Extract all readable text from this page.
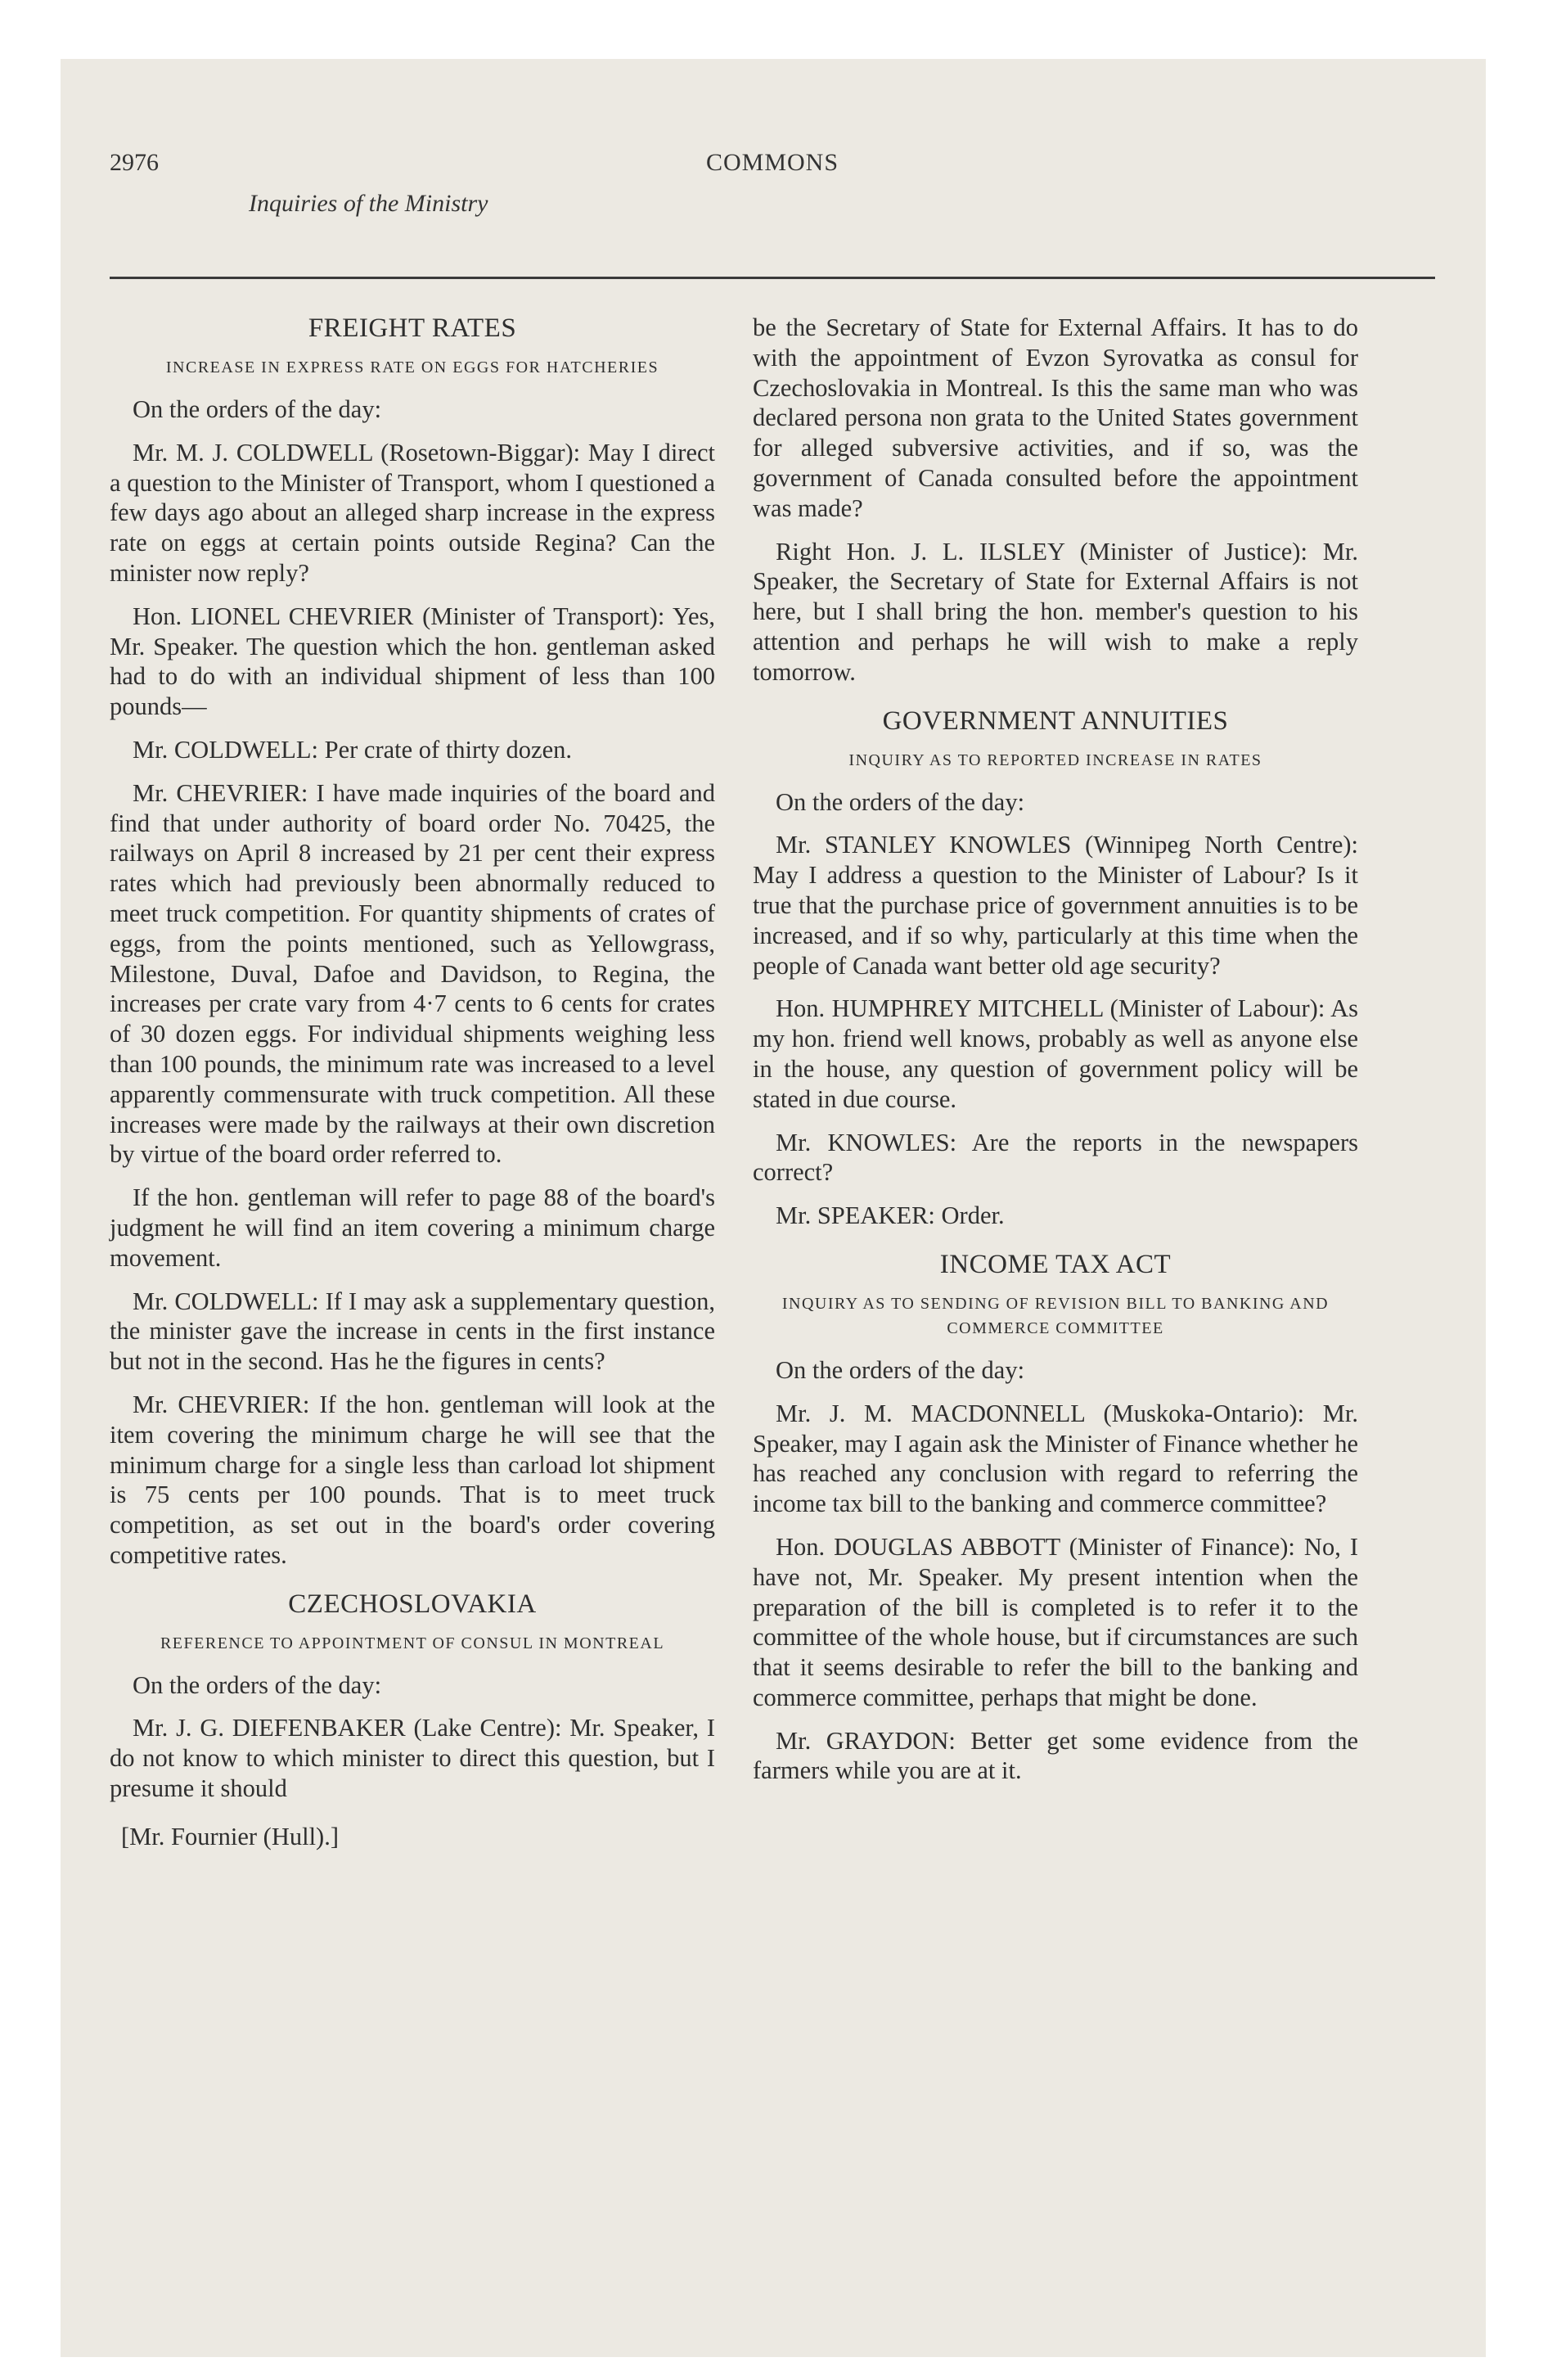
2976	COMMONS
Inquiries of the Ministry
FREIGHT RATES
INCREASE IN EXPRESS RATE ON EGGS FOR HATCHERIES

On the orders of the day:

Mr. M. J. COLDWELL (Rosetown-Biggar): May I direct a question to the Minister of Transport, whom I questioned a few days ago about an alleged sharp increase in the express rate on eggs at certain points outside Regina? Can the minister now reply?

Hon. LIONEL CHEVRIER (Minister of Transport): Yes, Mr. Speaker. The question which the hon. gentleman asked had to do with an individual shipment of less than 100 pounds—

Mr. COLDWELL: Per crate of thirty dozen.

Mr. CHEVRIER: I have made inquiries of the board and find that under authority of board order No. 70425, the railways on April 8 increased by 21 per cent their express rates which had previously been abnormally reduced to meet truck competition. For quantity shipments of crates of eggs, from the points mentioned, such as Yellowgrass, Milestone, Duval, Dafoe and Davidson, to Regina, the increases per crate vary from 4·7 cents to 6 cents for crates of 30 dozen eggs. For individual shipments weighing less than 100 pounds, the minimum rate was increased to a level apparently commensurate with truck competition. All these increases were made by the railways at their own discretion by virtue of the board order referred to.

If the hon. gentleman will refer to page 88 of the board's judgment he will find an item covering a minimum charge movement.

Mr. COLDWELL: If I may ask a supplementary question, the minister gave the increase in cents in the first instance but not in the second. Has he the figures in cents?

Mr. CHEVRIER: If the hon. gentleman will look at the item covering the minimum charge he will see that the minimum charge for a single less than carload lot shipment is 75 cents per 100 pounds. That is to meet truck competition, as set out in the board's order covering competitive rates.

CZECHOSLOVAKIA
REFERENCE TO APPOINTMENT OF CONSUL IN MONTREAL

On the orders of the day:

Mr. J. G. DIEFENBAKER (Lake Centre): Mr. Speaker, I do not know to which minister to direct this question, but I presume it should

[Mr. Fournier (Hull).]

be the Secretary of State for External Affairs. It has to do with the appointment of Evzon Syrovatka as consul for Czechoslovakia in Montreal. Is this the same man who was declared persona non grata to the United States government for alleged subversive activities, and if so, was the government of Canada consulted before the appointment was made?

Right Hon. J. L. ILSLEY (Minister of Justice): Mr. Speaker, the Secretary of State for External Affairs is not here, but I shall bring the hon. member's question to his attention and perhaps he will wish to make a reply tomorrow.

GOVERNMENT ANNUITIES
INQUIRY AS TO REPORTED INCREASE IN RATES

On the orders of the day:

Mr. STANLEY KNOWLES (Winnipeg North Centre): May I address a question to the Minister of Labour? Is it true that the purchase price of government annuities is to be increased, and if so why, particularly at this time when the people of Canada want better old age security?

Hon. HUMPHREY MITCHELL (Minister of Labour): As my hon. friend well knows, probably as well as anyone else in the house, any question of government policy will be stated in due course.

Mr. KNOWLES: Are the reports in the newspapers correct?

Mr. SPEAKER: Order.

INCOME TAX ACT
INQUIRY AS TO SENDING OF REVISION BILL TO BANKING AND COMMERCE COMMITTEE

On the orders of the day:

Mr. J. M. MACDONNELL (Muskoka-Ontario): Mr. Speaker, may I again ask the Minister of Finance whether he has reached any conclusion with regard to referring the income tax bill to the banking and commerce committee?

Hon. DOUGLAS ABBOTT (Minister of Finance): No, I have not, Mr. Speaker. My present intention when the preparation of the bill is completed is to refer it to the committee of the whole house, but if circumstances are such that it seems desirable to refer the bill to the banking and commerce committee, perhaps that might be done.

Mr. GRAYDON: Better get some evidence from the farmers while you are at it.
